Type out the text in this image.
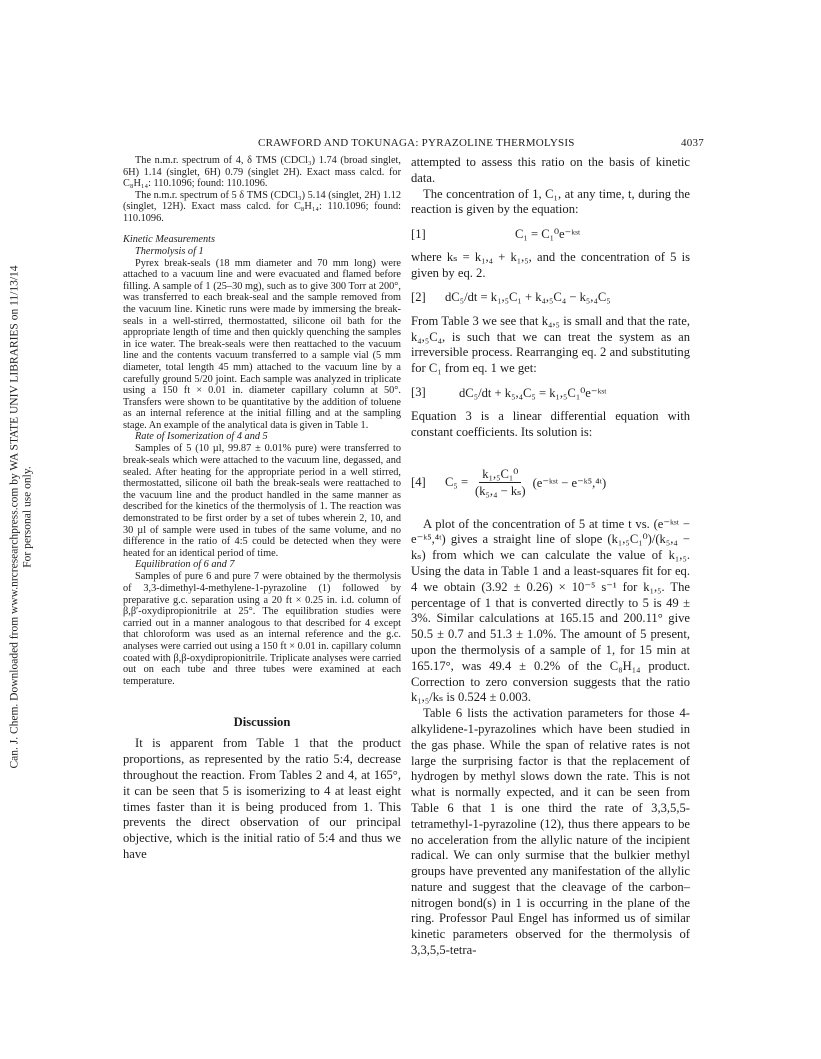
Can. J. Chem. Downloaded from www.nrcresearchpress.com by WA STATE UNIV LIBRARIES on 11/13/14 For personal use only.
CRAWFORD AND TOKUNAGA: PYRAZOLINE THERMOLYSIS	4037

The n.m.r. spectrum of 4, δ TMS (CDCl₃) 1.74 (broad singlet, 6H) 1.14 (singlet, 6H) 0.79 (singlet 2H). Exact mass calcd. for C₈H₁₄: 110.1096; found: 110.1096.

The n.m.r. spectrum of 5 δ TMS (CDCl₃) 5.14 (singlet, 2H) 1.12 (singlet, 12H). Exact mass calcd. for C₈H₁₄: 110.1096; found: 110.1096.

Kinetic Measurements
Thermolysis of 1

Pyrex break-seals (18 mm diameter and 70 mm long) were attached to a vacuum line and were evacuated and flamed before filling. A sample of 1 (25–30 mg), such as to give 300 Torr at 200°, was transferred to each break-seal and the sample removed from the vacuum line. Kinetic runs were made by immersing the break-seals in a well-stirred, thermostatted, silicone oil bath for the appropriate length of time and then quickly quenching the samples in ice water. The break-seals were then reattached to the vacuum line and the contents vacuum transferred to a sample vial (5 mm diameter, total length 45 mm) attached to the vacuum line by a carefully ground 5/20 joint. Each sample was analyzed in triplicate using a 150 ft × 0.01 in. diameter capillary column at 50°. Transfers were shown to be quantitative by the addition of toluene as an internal reference at the initial filling and at the sampling stage. An example of the analytical data is given in Table 1.

Rate of Isomerization of 4 and 5

Samples of 5 (10 µl, 99.87 ± 0.01% pure) were transferred to break-seals which were attached to the vacuum line, degassed, and sealed. After heating for the appropriate period in a well stirred, thermostatted, silicone oil bath the break-seals were reattached to the vacuum line and the product handled in the same manner as described for the kinetics of the thermolysis of 1. The reaction was demonstrated to be first order by a set of tubes wherein 2, 10, and 30 µl of sample were used in tubes of the same volume, and no difference in the ratio of 4:5 could be detected when they were heated for an identical period of time.

Equilibration of 6 and 7

Samples of pure 6 and pure 7 were obtained by the thermolysis of 3,3-dimethyl-4-methylene-1-pyrazoline (1) followed by preparative g.c. separation using a 20 ft × 0.25 in. i.d. column of β,β′-oxydipropionitrile at 25°. The equilibration studies were carried out in a manner analogous to that described for 4 except that chloroform was used as an internal reference and the g.c. analyses were carried out using a 150 ft × 0.01 in. capillary column coated with β,β-oxydipropionitrile. Triplicate analyses were carried out on each tube and three tubes were examined at each temperature.

Discussion

It is apparent from Table 1 that the product proportions, as represented by the ratio 5:4, decrease throughout the reaction. From Tables 2 and 4, at 165°, it can be seen that 5 is isomerizing to 4 at least eight times faster than it is being produced from 1. This prevents the direct observation of our principal objective, which is the initial ratio of 5:4 and thus we have

attempted to assess this ratio on the basis of kinetic data.

The concentration of 1, C₁, at any time, t, during the reaction is given by the equation:

[1]	C₁ = C₁⁰e⁻ᵏˢᵗ

where kₛ = k₁,₄ + k₁,₅, and the concentration of 5 is given by eq. 2.

[2]	dC₅/dt = k₁,₅C₁ + k₄,₅C₄ − k₅,₄C₅

From Table 3 we see that k₄,₅ is small and that the rate, k₄,₅C₄, is such that we can treat the system as an irreversible process. Rearranging eq. 2 and substituting for C₁ from eq. 1 we get:

[3]	dC₅/dt + k₅,₄C₅ = k₁,₅C₁⁰e⁻ᵏˢᵗ

Equation 3 is a linear differential equation with constant coefficients. Its solution is:

[4]	$C_5 = \frac{\text{k₁,₅C₁⁰}}{\text{(k₅,₄ − kₛ)}}$ (e⁻ᵏˢᵗ − e⁻ᵏ⁵,⁴ᵗ)

A plot of the concentration of 5 at time t vs. (e⁻ᵏˢᵗ − e⁻ᵏ⁵,⁴ᵗ) gives a straight line of slope (k₁,₅C₁⁰)/(k₅,₄ − kₛ) from which we can calculate the value of k₁,₅. Using the data in Table 1 and a least-squares fit for eq. 4 we obtain (3.92 ± 0.26) × 10⁻⁵ s⁻¹ for k₁,₅. The percentage of 1 that is converted directly to 5 is 49 ± 3%. Similar calculations at 165.15 and 200.11° give 50.5 ± 0.7 and 51.3 ± 1.0%. The amount of 5 present, upon the thermolysis of a sample of 1, for 15 min at 165.17°, was 49.4 ± 0.2% of the C₈H₁₄ product. Correction to zero conversion suggests that the ratio k₁,₅/kₛ is 0.524 ± 0.003.

Table 6 lists the activation parameters for those 4-alkylidene-1-pyrazolines which have been studied in the gas phase. While the span of relative rates is not large the surprising factor is that the replacement of hydrogen by methyl slows down the rate. This is not what is normally expected, and it can be seen from Table 6 that 1 is one third the rate of 3,3,5,5-tetramethyl-1-pyrazoline (12), thus there appears to be no acceleration from the allylic nature of the incipient radical. We can only surmise that the bulkier methyl groups have prevented any manifestation of the allylic nature and suggest that the cleavage of the carbon–nitrogen bond(s) in 1 is occurring in the plane of the ring. Professor Paul Engel has informed us of similar kinetic parameters observed for the thermolysis of 3,3,5,5-tetra-
